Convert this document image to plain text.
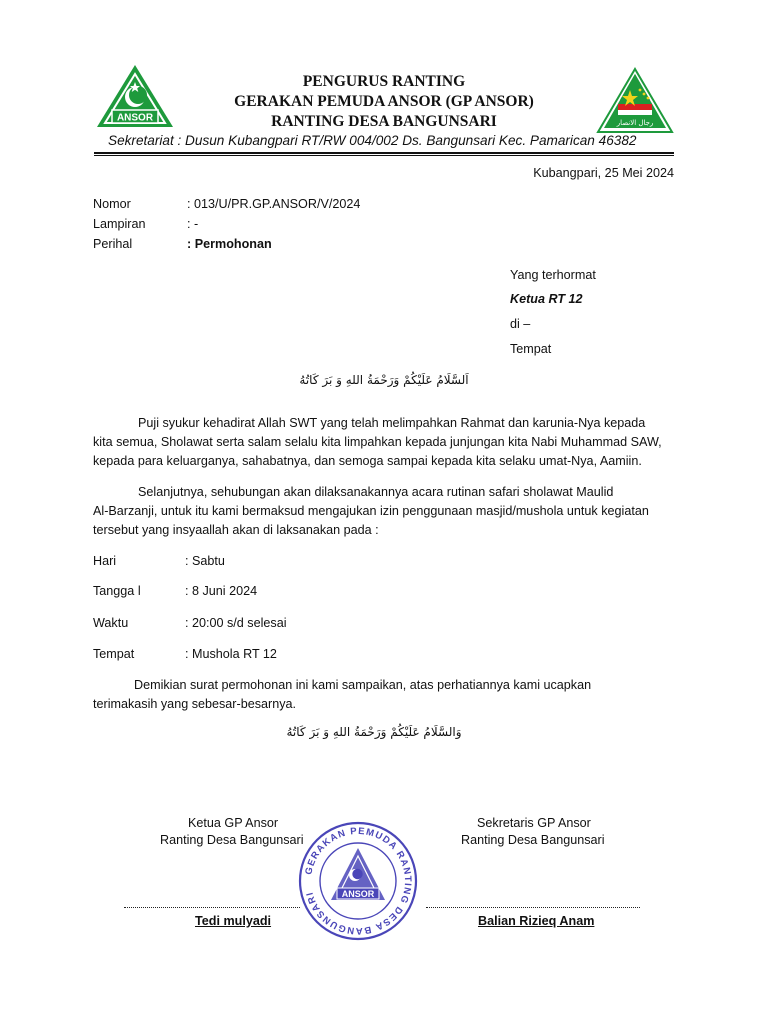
ANSOR	رجال الانصار
PENGURUS RANTING
GERAKAN PEMUDA ANSOR (GP ANSOR)
RANTING DESA BANGUNSARI
Sekretariat : Dusun Kubangpari RT/RW 004/002 Ds. Bangunsari Kec. Pamarican 46382
Kubangpari, 25 Mei 2024
Nomor	: 013/U/PR.GP.ANSOR/V/2024
Lampiran	: -
Perihal	: Permohonan
Yang terhormat
Ketua RT 12
di –
Tempat
اَلسَّلَامُ عَلَيْكُمْ وَرَحْمَةُ اللهِ وَ بَرَ كَاتُهُ
Puji syukur kehadirat Allah SWT yang telah melimpahkan Rahmat dan karunia-Nya kepada
kita semua, Sholawat serta salam selalu kita limpahkan kepada junjungan kita Nabi Muhammad SAW,
kepada para keluarganya, sahabatnya, dan semoga sampai kepada kita selaku umat-Nya, Aamiin.
Selanjutnya, sehubungan akan dilaksanakannya acara rutinan safari sholawat Maulid
Al-Barzanji, untuk itu kami bermaksud mengajukan izin penggunaan masjid/mushola untuk kegiatan
tersebut yang insyaallah akan di laksanakan pada :
Hari	: Sabtu
Tangga l	: 8 Juni 2024
Waktu	: 20:00 s/d selesai
Tempat	: Mushola RT 12
Demikian surat permohonan ini kami sampaikan, atas perhatiannya kami ucapkan
terimakasih yang sebesar-besarnya.
وَالسَّلَامُ عَلَيْكُمْ وَرَحْمَةُ اللهِ وَ بَرَ كَاتُهُ
Ketua GP Ansor
Ranting Desa Bangunsari
Sekretaris GP Ansor
Ranting Desa Bangunsari
Tedi mulyadi	Balian Rizieq Anam
GERAKAN PEMUDA RANTING DESA BANGUNSARI	ANSOR
